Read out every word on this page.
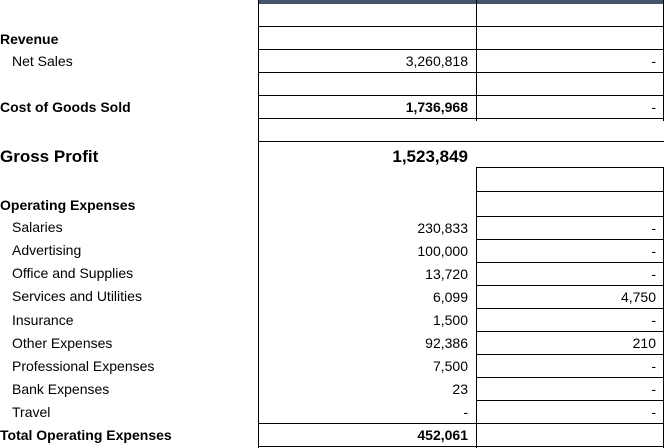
Revenue
Net Sales	3,260,818	-
Cost of Goods Sold	1,736,968	-
Gross Profit	1,523,849
Operating Expenses
Salaries	230,833	-
Advertising	100,000	-
Office and Supplies	13,720	-
Services and Utilities	6,099	4,750
Insurance	1,500	-
Other Expenses	92,386	210
Professional Expenses	7,500	-
Bank Expenses	23	-
Travel	-	-
Total Operating Expenses	452,061
